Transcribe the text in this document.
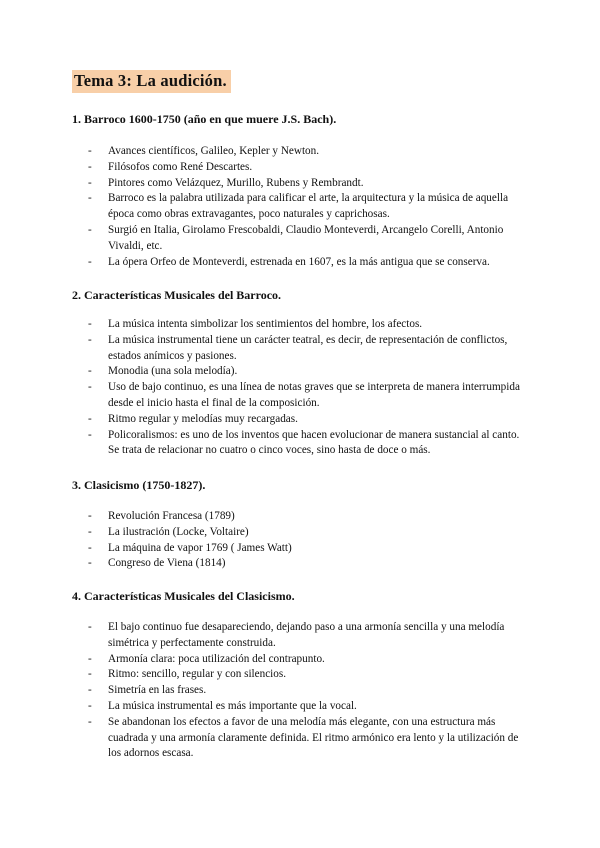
Tema 3: La audición.

1. Barroco 1600-1750 (año en que muere J.S. Bach).

- Avances científicos, Galileo, Kepler y Newton.
- Filósofos como René Descartes.
- Pintores como Velázquez, Murillo, Rubens y Rembrandt.
- Barroco es la palabra utilizada para calificar el arte, la arquitectura y la música de aquella época como obras extravagantes, poco naturales y caprichosas.
- Surgió en Italia, Girolamo Frescobaldi, Claudio Monteverdi, Arcangelo Corelli, Antonio Vivaldi, etc.
- La ópera Orfeo de Monteverdi, estrenada en 1607, es la más antigua que se conserva.

2. Características Musicales del Barroco.

- La música intenta simbolizar los sentimientos del hombre, los afectos.
- La música instrumental tiene un carácter teatral, es decir, de representación de conflictos, estados anímicos y pasiones.
- Monodia (una sola melodía).
- Uso de bajo continuo, es una línea de notas graves que se interpreta de manera interrumpida desde el inicio hasta el final de la composición.
- Ritmo regular y melodías muy recargadas.
- Policoralismos: es uno de los inventos que hacen evolucionar de manera sustancial al canto. Se trata de relacionar no cuatro o cinco voces, sino hasta de doce o más.

3. Clasicismo (1750-1827).

- Revolución Francesa (1789)
- La ilustración (Locke, Voltaire)
- La máquina de vapor 1769 ( James Watt)
- Congreso de Viena (1814)

4. Características Musicales del Clasicismo.

- El bajo continuo fue desapareciendo, dejando paso a una armonía sencilla y una melodía simétrica y perfectamente construida.
- Armonía clara: poca utilización del contrapunto.
- Ritmo: sencillo, regular y con silencios.
- Simetría en las frases.
- La música instrumental es más importante que la vocal.
- Se abandonan los efectos a favor de una melodía más elegante, con una estructura más cuadrada y una armonía claramente definida. El ritmo armónico era lento y la utilización de los adornos escasa.
